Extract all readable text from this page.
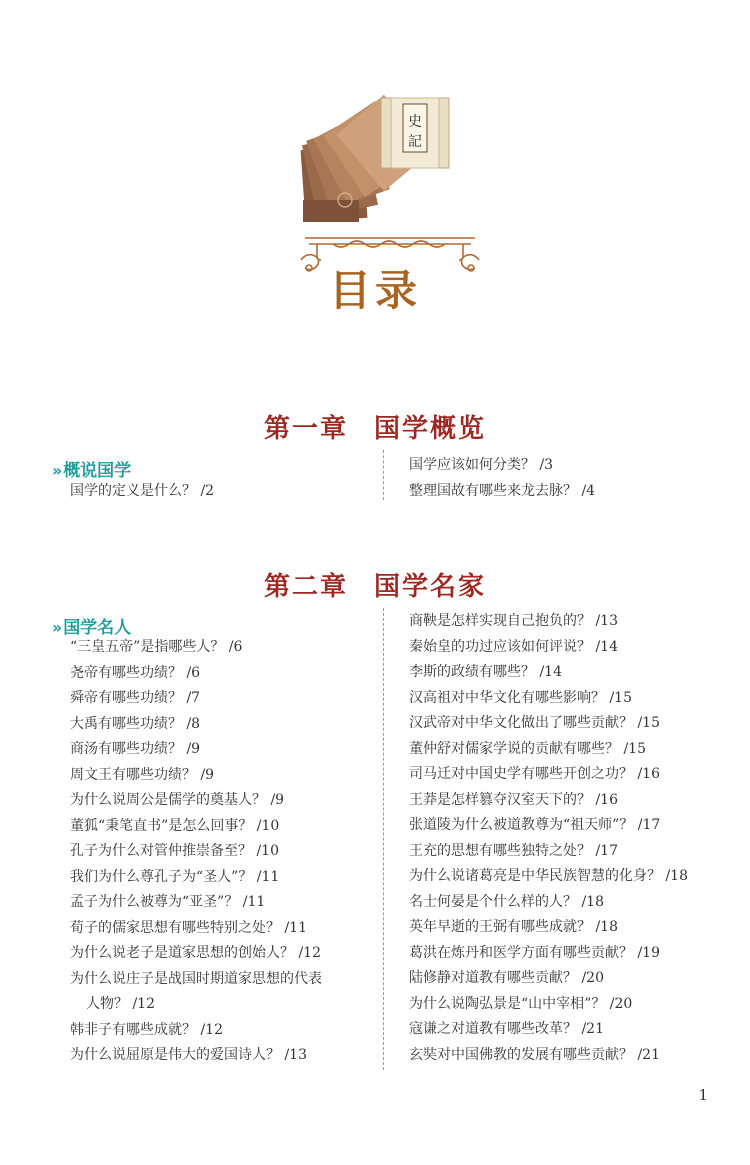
史
記
目录
第一章 国学概览
›› 概说国学
国学的定义是什么？ /2
国学应该如何分类？ /3
整理国故有哪些来龙去脉？ /4
第二章 国学名家
›› 国学名人
“三皇五帝”是指哪些人？ /6
尧帝有哪些功绩？ /6
舜帝有哪些功绩？ /7
大禹有哪些功绩？ /8
商汤有哪些功绩？ /9
周文王有哪些功绩？ /9
为什么说周公是儒学的奠基人？ /9
董狐“秉笔直书”是怎么回事？ /10
孔子为什么对管仲推崇备至？ /10
我们为什么尊孔子为“圣人”？ /11
孟子为什么被尊为“亚圣”？ /11
荀子的儒家思想有哪些特别之处？ /11
为什么说老子是道家思想的创始人？ /12
为什么说庄子是战国时期道家思想的代表
人物？ /12
韩非子有哪些成就？ /12
为什么说屈原是伟大的爱国诗人？ /13
商鞅是怎样实现自己抱负的？ /13
秦始皇的功过应该如何评说？ /14
李斯的政绩有哪些？ /14
汉高祖对中华文化有哪些影响？ /15
汉武帝对中华文化做出了哪些贡献？ /15
董仲舒对儒家学说的贡献有哪些？ /15
司马迁对中国史学有哪些开创之功？ /16
王莽是怎样篡夺汉室天下的？ /16
张道陵为什么被道教尊为“祖天师”？ /17
王充的思想有哪些独特之处？ /17
为什么说诸葛亮是中华民族智慧的化身？ /18
名士何晏是个什么样的人？ /18
英年早逝的王弼有哪些成就？ /18
葛洪在炼丹和医学方面有哪些贡献？ /19
陆修静对道教有哪些贡献？ /20
为什么说陶弘景是“山中宰相”？ /20
寇谦之对道教有哪些改革？ /21
玄奘对中国佛教的发展有哪些贡献？ /21
1
